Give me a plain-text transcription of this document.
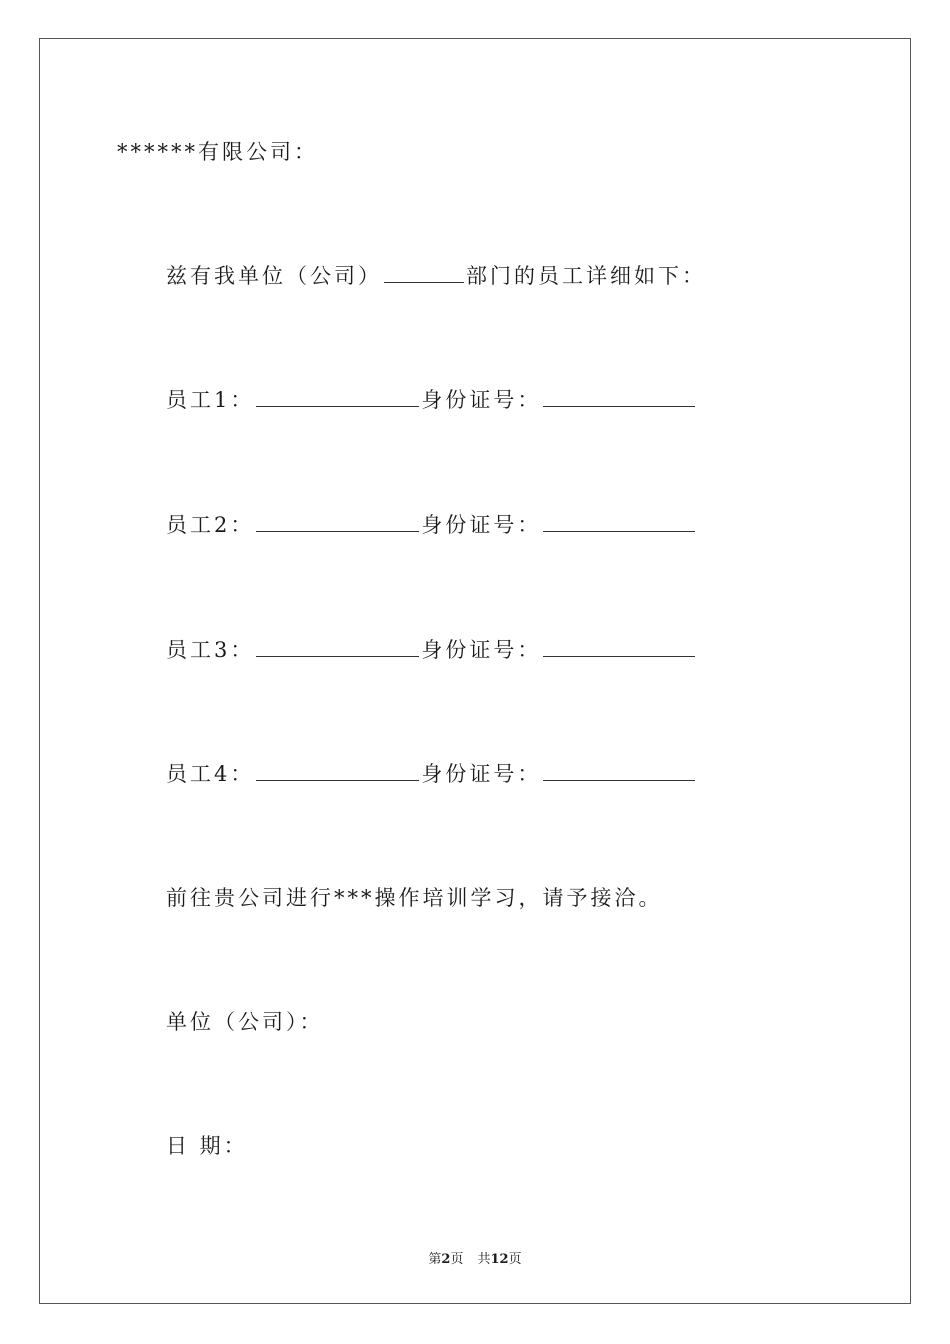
******有限公司：
兹有我单位（公司）	部门的员工详细如下：
员工1：	身份证号：
员工2：	身份证号：
员工3：	身份证号：
员工4：	身份证号：
前往贵公司进行***操作培训学习，请予接洽。
单位（公司）：
日 期：
第2页 共12页
